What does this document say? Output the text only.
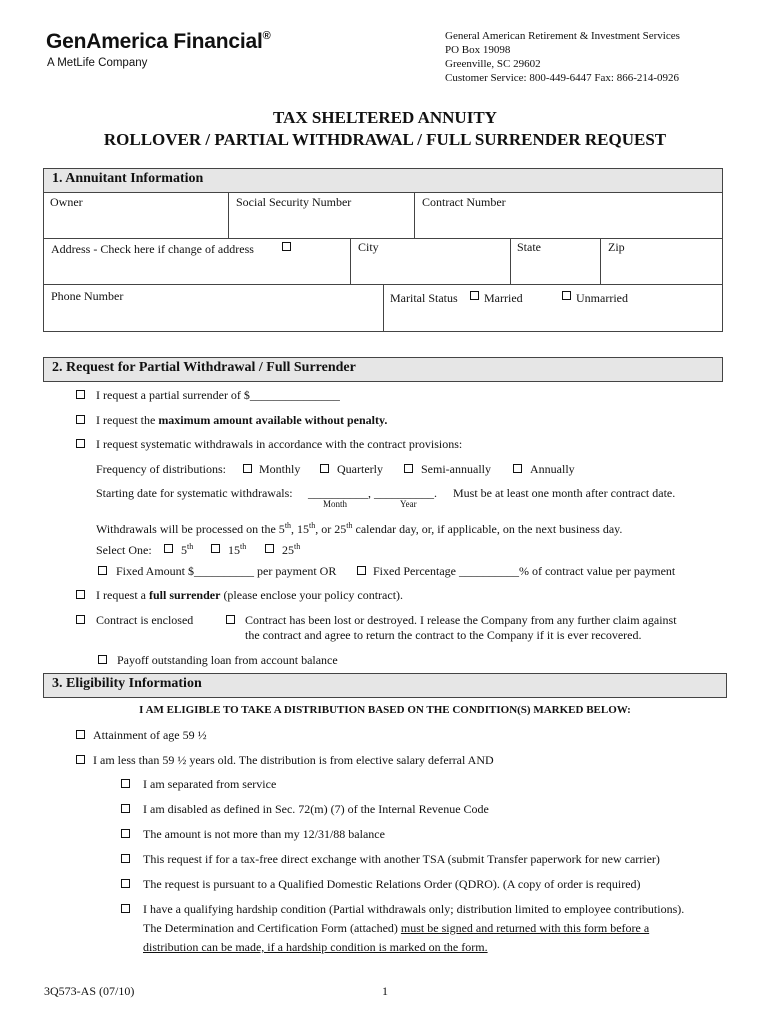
GenAmerica Financial®
A MetLife Company
General American Retirement & Investment Services
PO Box 19098
Greenville, SC 29602
Customer Service: 800-449-6447 Fax: 866-214-0926
TAX SHELTERED ANNUITY
ROLLOVER / PARTIAL WITHDRAWAL / FULL SURRENDER REQUEST
1. Annuitant Information
Owner	Social Security Number	Contract Number
Address - Check here if change of address	City	State	Zip
Phone Number	Marital Status Married	Unmarried
2. Request for Partial Withdrawal / Full Surrender
I request a partial surrender of $_______________
I request the maximum amount available without penalty.
I request systematic withdrawals in accordance with the contract provisions:
Frequency of distributions:	Monthly	Quarterly	Semi-annually	Annually
Starting date for systematic withdrawals: __________, __________. Must be at least one month after contract date.
Month	Year
Withdrawals will be processed on the 5th, 15th, or 25th calendar day, or, if applicable, on the next business day.
Select One: 5th	15th	25th
Fixed Amount $__________ per payment OR	Fixed Percentage __________% of contract value per payment
I request a full surrender (please enclose your policy contract).
Contract is enclosed	Contract has been lost or destroyed. I release the Company from any further claim against
the contract and agree to return the contract to the Company if it is ever recovered.
Payoff outstanding loan from account balance
3. Eligibility Information
I AM ELIGIBLE TO TAKE A DISTRIBUTION BASED ON THE CONDITION(S) MARKED BELOW:
Attainment of age 59 ½
I am less than 59 ½ years old. The distribution is from elective salary deferral AND
I am separated from service
I am disabled as defined in Sec. 72(m) (7) of the Internal Revenue Code
The amount is not more than my 12/31/88 balance
This request if for a tax-free direct exchange with another TSA (submit Transfer paperwork for new carrier)
The request is pursuant to a Qualified Domestic Relations Order (QDRO). (A copy of order is required)
I have a qualifying hardship condition (Partial withdrawals only; distribution limited to employee contributions).
The Determination and Certification Form (attached) must be signed and returned with this form before a
distribution can be made, if a hardship condition is marked on the form.
3Q573-AS (07/10)	1
